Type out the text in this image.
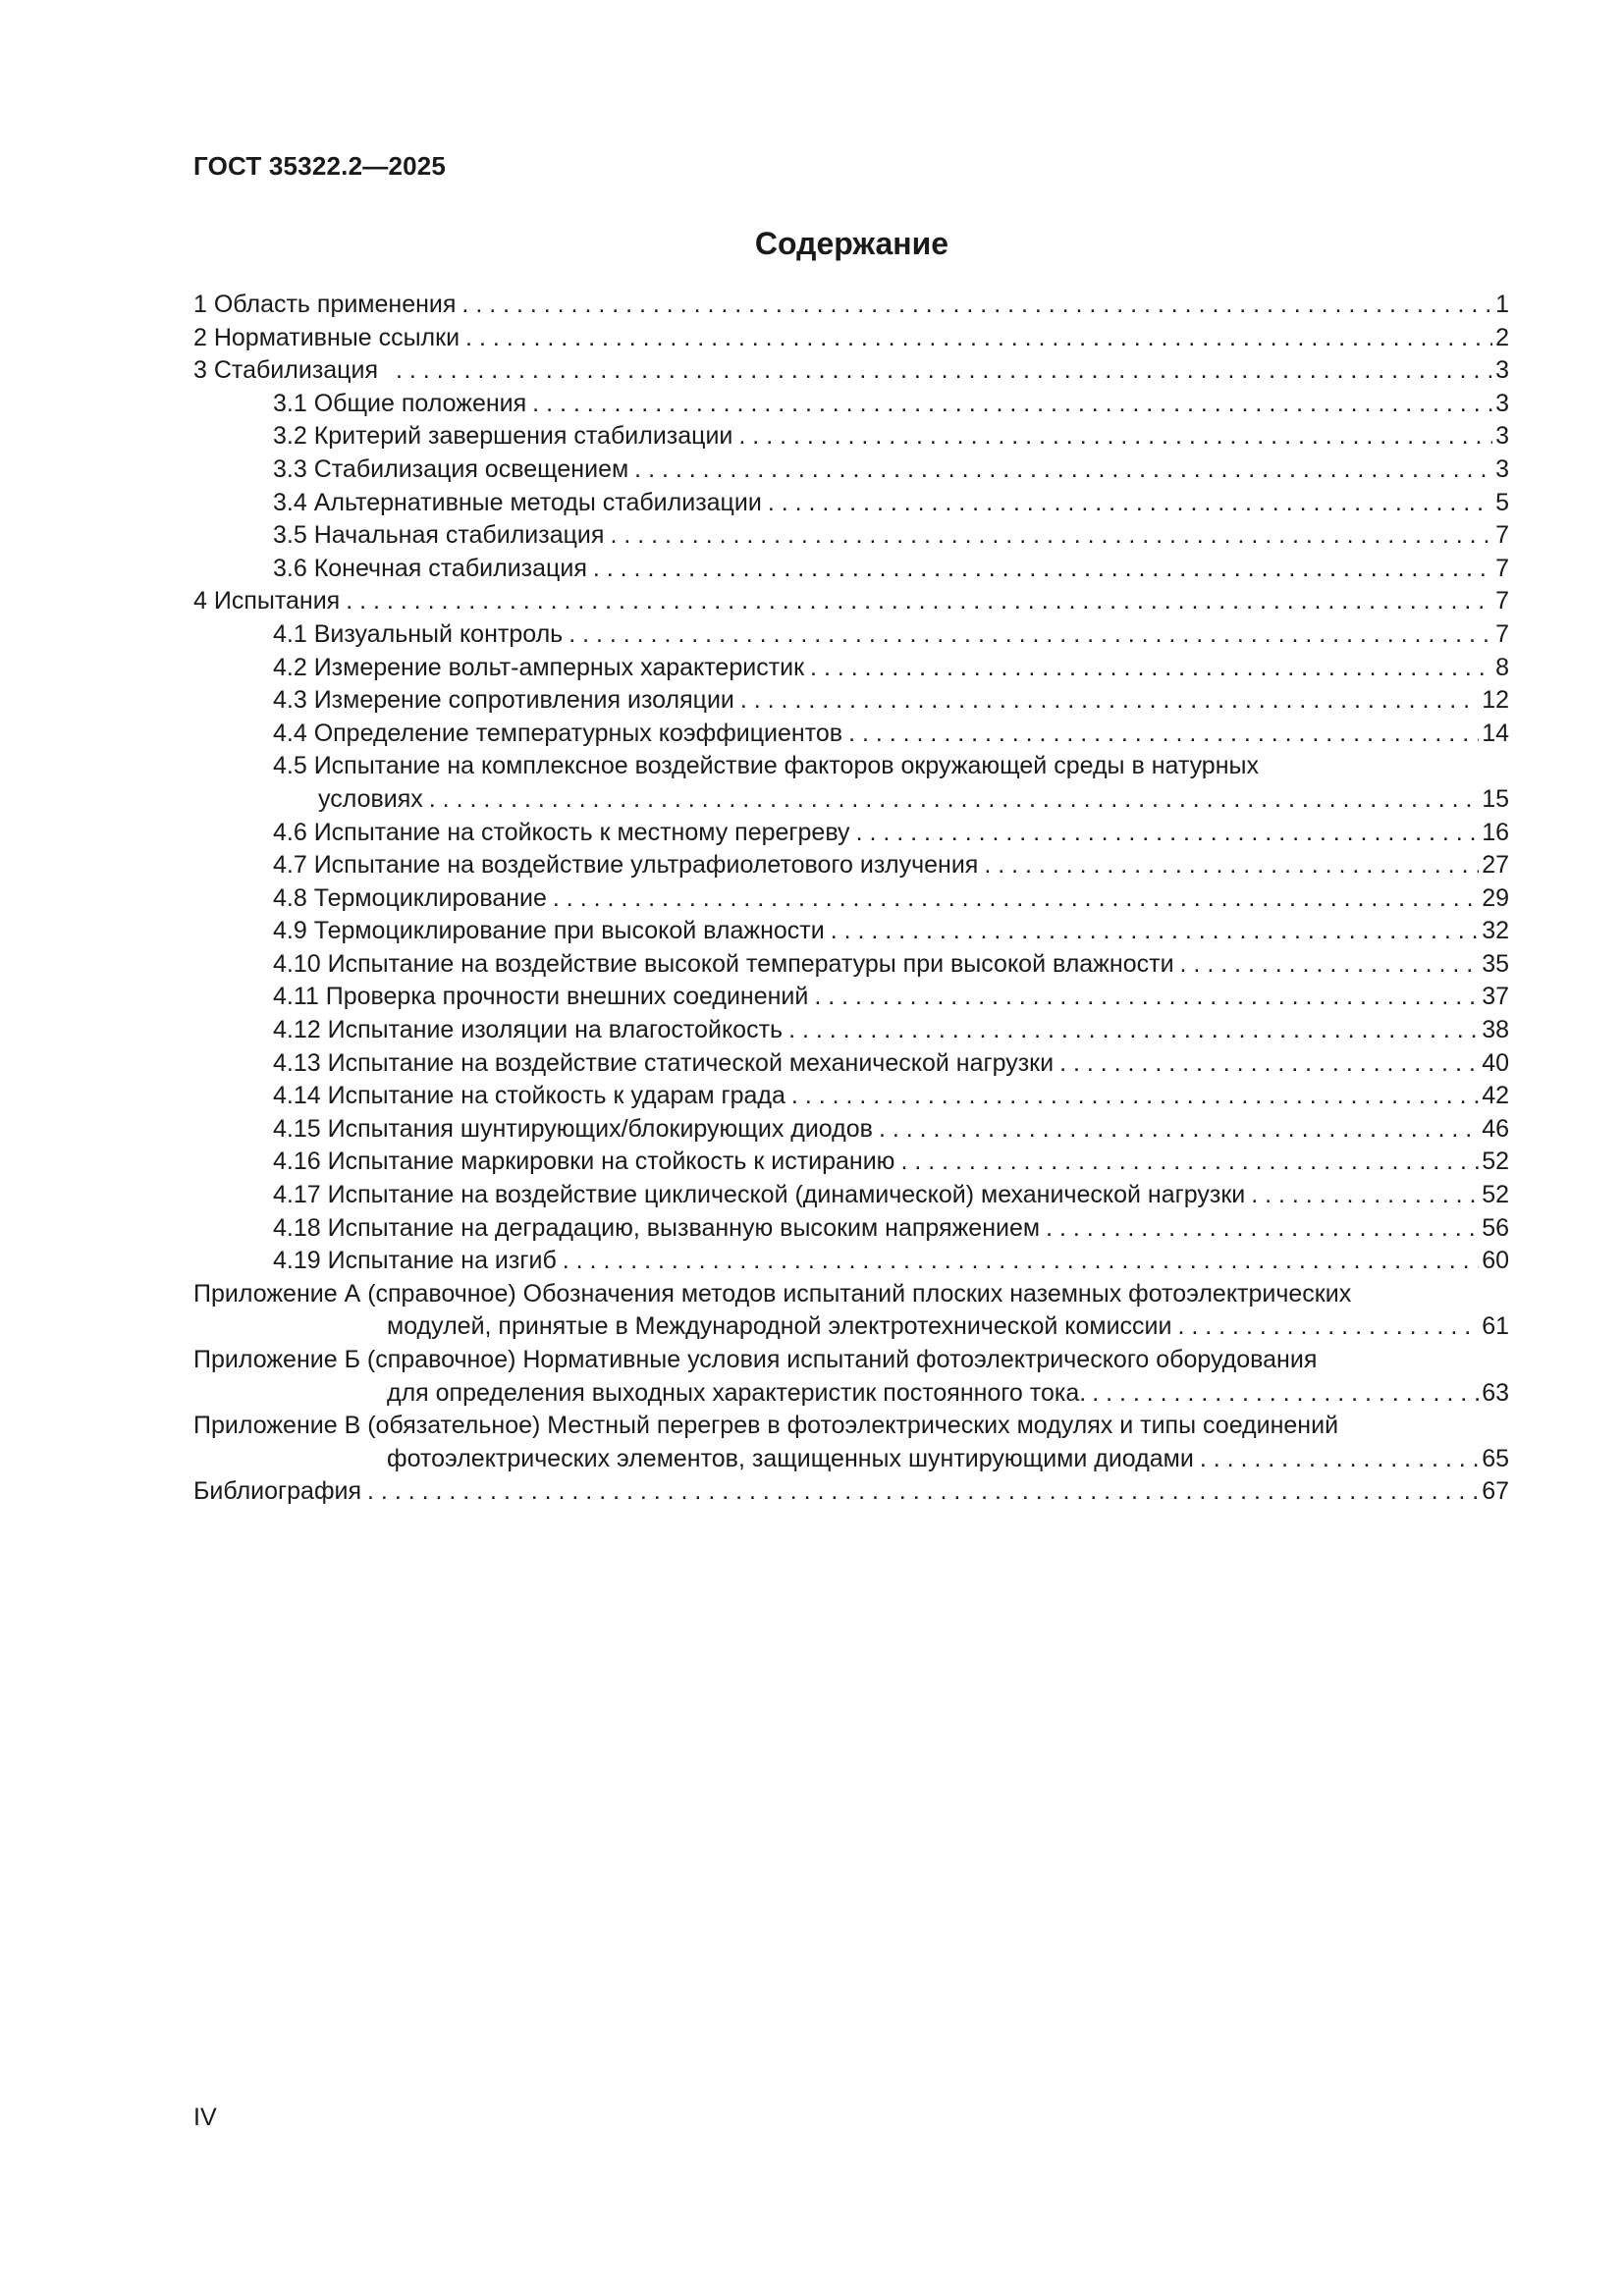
ГОСТ 35322.2—2025
Содержание
1 Область применения . . .	1
2 Нормативные ссылки . . .	2
3 Стабилизация . . .	3
3.1 Общие положения . . .	3
3.2 Критерий завершения стабилизации . . .	3
3.3 Стабилизация освещением . . .	3
3.4 Альтернативные методы стабилизации . . .	5
3.5 Начальная стабилизация . . .	7
3.6 Конечная стабилизация . . .	7
4 Испытания . . .	7
4.1 Визуальный контроль . . .	7
4.2 Измерение вольт-амперных характеристик . . .	8
4.3 Измерение сопротивления изоляции . . .	12
4.4 Определение температурных коэффициентов . . .	14
4.5 Испытание на комплексное воздействие факторов окружающей среды в натурных
условиях . . .	15
4.6 Испытание на стойкость к местному перегреву . . .	16
4.7 Испытание на воздействие ультрафиолетового излучения . . .	27
4.8 Термоциклирование . . .	29
4.9 Термоциклирование при высокой влажности . . .	32
4.10 Испытание на воздействие высокой температуры при высокой влажности . . .	35
4.11 Проверка прочности внешних соединений . . .	37
4.12 Испытание изоляции на влагостойкость . . .	38
4.13 Испытание на воздействие статической механической нагрузки . . .	40
4.14 Испытание на стойкость к ударам града . . .	42
4.15 Испытания шунтирующих/блокирующих диодов . . .	46
4.16 Испытание маркировки на стойкость к истиранию . . .	52
4.17 Испытание на воздействие циклической (динамической) механической нагрузки . . .	52
4.18 Испытание на деградацию, вызванную высоким напряжением . . .	56
4.19 Испытание на изгиб . . .	60
Приложение А (справочное) Обозначения методов испытаний плоских наземных фотоэлектрических
модулей, принятые в Международной электротехнической комиссии . . .	61
Приложение Б (справочное) Нормативные условия испытаний фотоэлектрического оборудования
для определения выходных характеристик постоянного тока. . . .	63
Приложение В (обязательное) Местный перегрев в фотоэлектрических модулях и типы соединений
фотоэлектрических элементов, защищенных шунтирующими диодами . . .	65
Библиография . . .	67
IV
